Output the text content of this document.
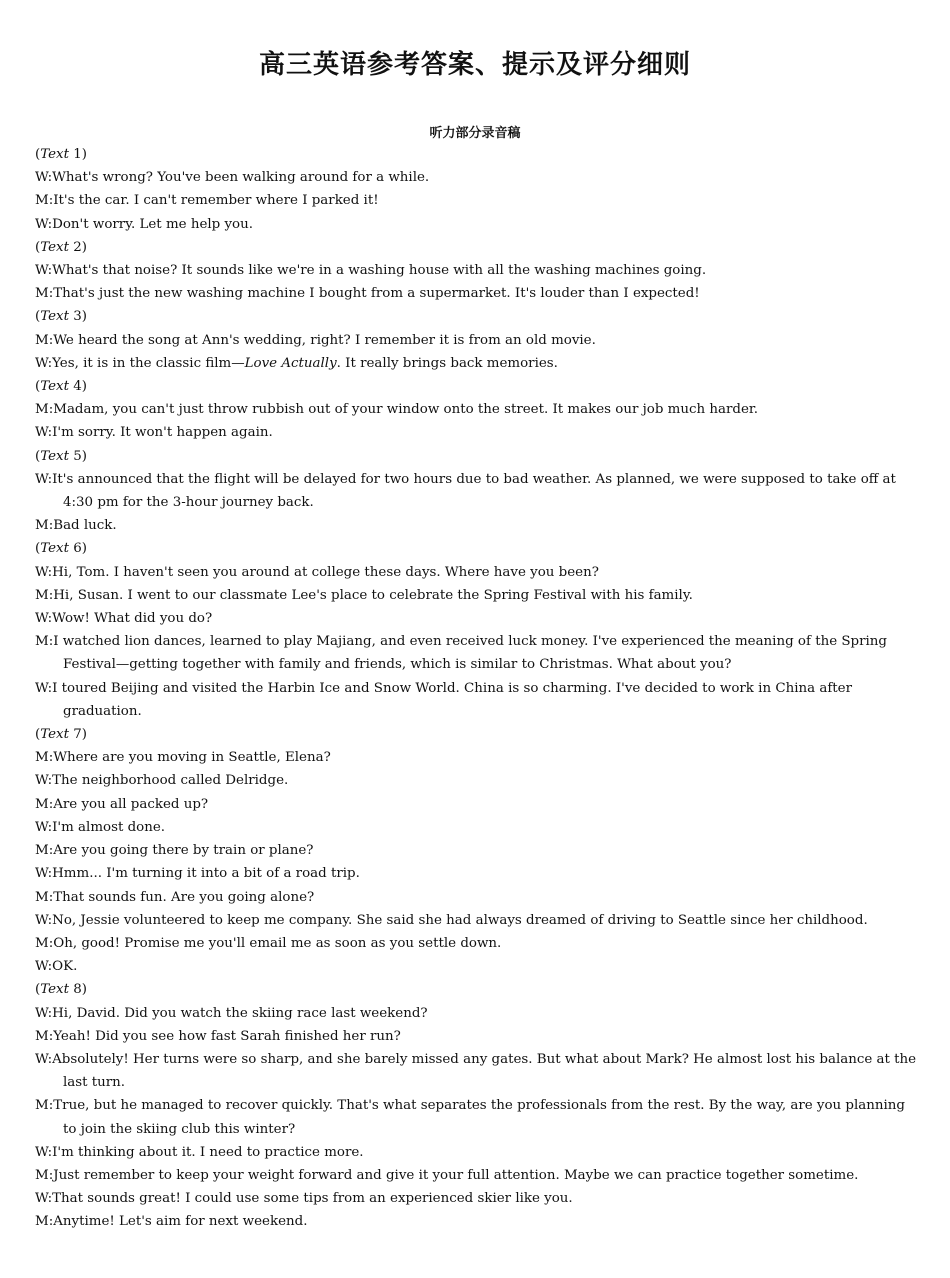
高三英语参考答案、提示及评分细则
听力部分录音稿
(Text 1)
W:What's wrong? You've been walking around for a while.
M:It's the car. I can't remember where I parked it!
W:Don't worry. Let me help you.
(Text 2)
W:What's that noise? It sounds like we're in a washing house with all the washing machines going.
M:That's just the new washing machine I bought from a supermarket. It's louder than I expected!
(Text 3)
M:We heard the song at Ann's wedding, right? I remember it is from an old movie.
W:Yes, it is in the classic film—Love Actually. It really brings back memories.
(Text 4)
M:Madam, you can't just throw rubbish out of your window onto the street. It makes our job much harder.
W:I'm sorry. It won't happen again.
(Text 5)
W:It's announced that the flight will be delayed for two hours due to bad weather. As planned, we were supposed to take off at 4:30 pm for the 3-hour journey back.
M:Bad luck.
(Text 6)
W:Hi, Tom. I haven't seen you around at college these days. Where have you been?
M:Hi, Susan. I went to our classmate Lee's place to celebrate the Spring Festival with his family.
W:Wow! What did you do?
M:I watched lion dances, learned to play Majiang, and even received luck money. I've experienced the meaning of the Spring Festival—getting together with family and friends, which is similar to Christmas. What about you?
W:I toured Beijing and visited the Harbin Ice and Snow World. China is so charming. I've decided to work in China after graduation.
(Text 7)
M:Where are you moving in Seattle, Elena?
W:The neighborhood called Delridge.
M:Are you all packed up?
W:I'm almost done.
M:Are you going there by train or plane?
W:Hmm... I'm turning it into a bit of a road trip.
M:That sounds fun. Are you going alone?
W:No, Jessie volunteered to keep me company. She said she had always dreamed of driving to Seattle since her childhood.
M:Oh, good! Promise me you'll email me as soon as you settle down.
W:OK.
(Text 8)
W:Hi, David. Did you watch the skiing race last weekend?
M:Yeah! Did you see how fast Sarah finished her run?
W:Absolutely! Her turns were so sharp, and she barely missed any gates. But what about Mark? He almost lost his balance at the last turn.
M:True, but he managed to recover quickly. That's what separates the professionals from the rest. By the way, are you planning to join the skiing club this winter?
W:I'm thinking about it. I need to practice more.
M:Just remember to keep your weight forward and give it your full attention. Maybe we can practice together sometime.
W:That sounds great! I could use some tips from an experienced skier like you.
M:Anytime! Let's aim for next weekend.
